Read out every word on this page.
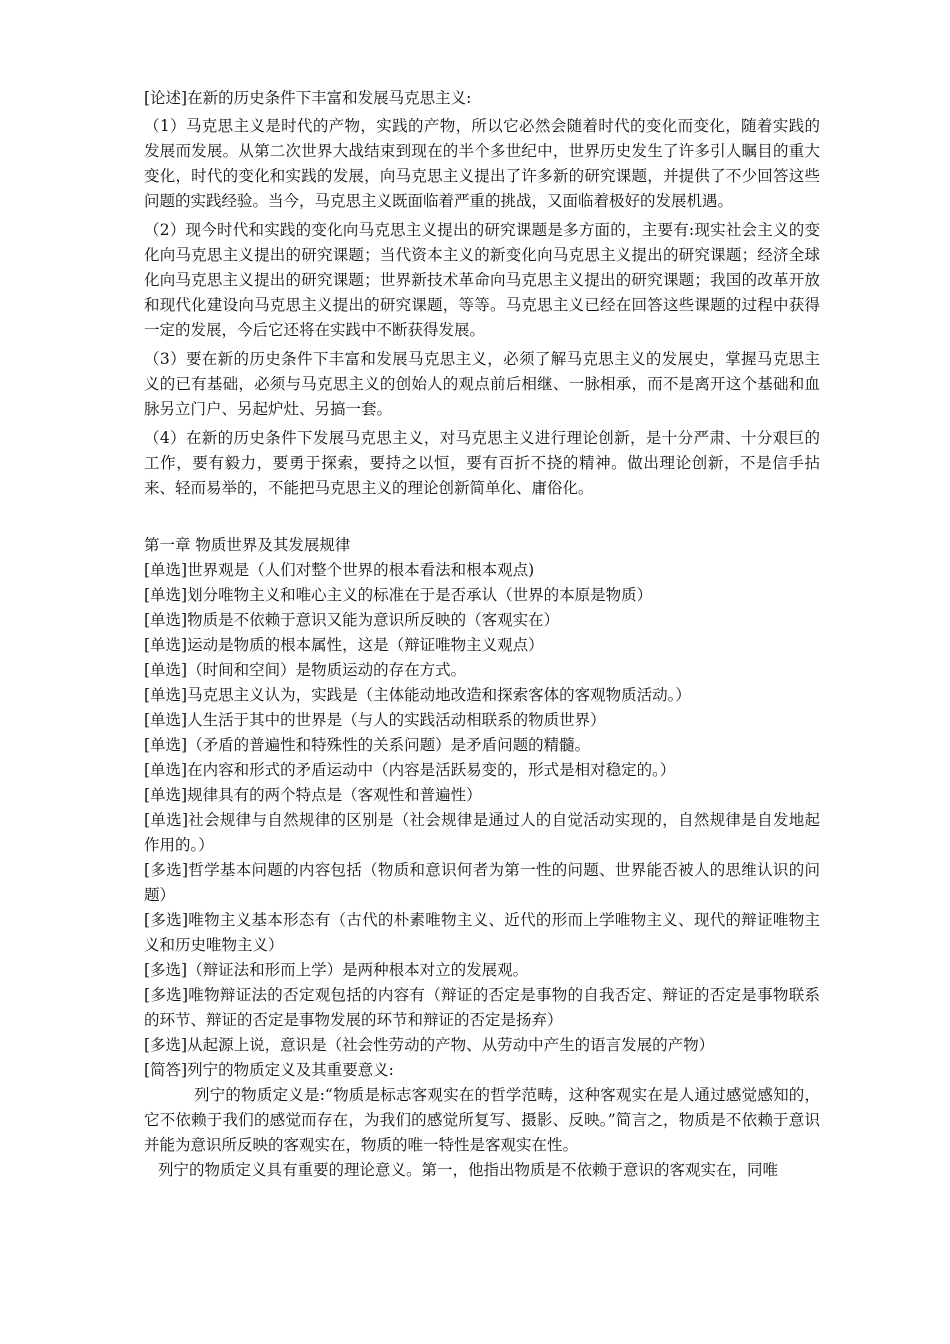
[论述]在新的历史条件下丰富和发展马克思主义:

（1）马克思主义是时代的产物，实践的产物，所以它必然会随着时代的变化而变化，随着实践的发展而发展。从第二次世界大战结束到现在的半个多世纪中，世界历史发生了许多引人瞩目的重大变化，时代的变化和实践的发展，向马克思主义提出了许多新的研究课题，并提供了不少回答这些问题的实践经验。当今，马克思主义既面临着严重的挑战，又面临着极好的发展机遇。

（2）现今时代和实践的变化向马克思主义提出的研究课题是多方面的，主要有:现实社会主义的变化向马克思主义提出的研究课题；当代资本主义的新变化向马克思主义提出的研究课题；经济全球化向马克思主义提出的研究课题；世界新技术革命向马克思主义提出的研究课题；我国的改革开放和现代化建设向马克思主义提出的研究课题，等等。马克思主义已经在回答这些课题的过程中获得一定的发展，今后它还将在实践中不断获得发展。

（3）要在新的历史条件下丰富和发展马克思主义，必须了解马克思主义的发展史，掌握马克思主义的已有基础，必须与马克思主义的创始人的观点前后相继、一脉相承，而不是离开这个基础和血脉另立门户、另起炉灶、另搞一套。

（4）在新的历史条件下发展马克思主义，对马克思主义进行理论创新，是十分严肃、十分艰巨的工作，要有毅力，要勇于探索，要持之以恒，要有百折不挠的精神。做出理论创新，不是信手拈来、轻而易举的，不能把马克思主义的理论创新简单化、庸俗化。

第一章 物质世界及其发展规律

[单选]世界观是（人们对整个世界的根本看法和根本观点)

[单选]划分唯物主义和唯心主义的标准在于是否承认（世界的本原是物质）

[单选]物质是不依赖于意识又能为意识所反映的（客观实在）

[单选]运动是物质的根本属性，这是（辩证唯物主义观点）

[单选]（时间和空间）是物质运动的存在方式。

[单选]马克思主义认为，实践是（主体能动地改造和探索客体的客观物质活动。）

[单选]人生活于其中的世界是（与人的实践活动相联系的物质世界）

[单选]（矛盾的普遍性和特殊性的关系问题）是矛盾问题的精髓。

[单选]在内容和形式的矛盾运动中（内容是活跃易变的，形式是相对稳定的。）

[单选]规律具有的两个特点是（客观性和普遍性）

[单选]社会规律与自然规律的区别是（社会规律是通过人的自觉活动实现的，自然规律是自发地起作用的。）

[多选]哲学基本问题的内容包括（物质和意识何者为第一性的问题、世界能否被人的思维认识的问题）

[多选]唯物主义基本形态有（古代的朴素唯物主义、近代的形而上学唯物主义、现代的辩证唯物主义和历史唯物主义）

[多选]（辩证法和形而上学）是两种根本对立的发展观。

[多选]唯物辩证法的否定观包括的内容有（辩证的否定是事物的自我否定、辩证的否定是事物联系的环节、辩证的否定是事物发展的环节和辩证的否定是扬弃）

[多选]从起源上说，意识是（社会性劳动的产物、从劳动中产生的语言发展的产物）

[简答]列宁的物质定义及其重要意义:

列宁的物质定义是:“物质是标志客观实在的哲学范畴，这种客观实在是人通过感觉感知的，它不依赖于我们的感觉而存在，为我们的感觉所复写、摄影、反映。”简言之，物质是不依赖于意识并能为意识所反映的客观实在，物质的唯一特性是客观实在性。

列宁的物质定义具有重要的理论意义。第一，他指出物质是不依赖于意识的客观实在，同唯
